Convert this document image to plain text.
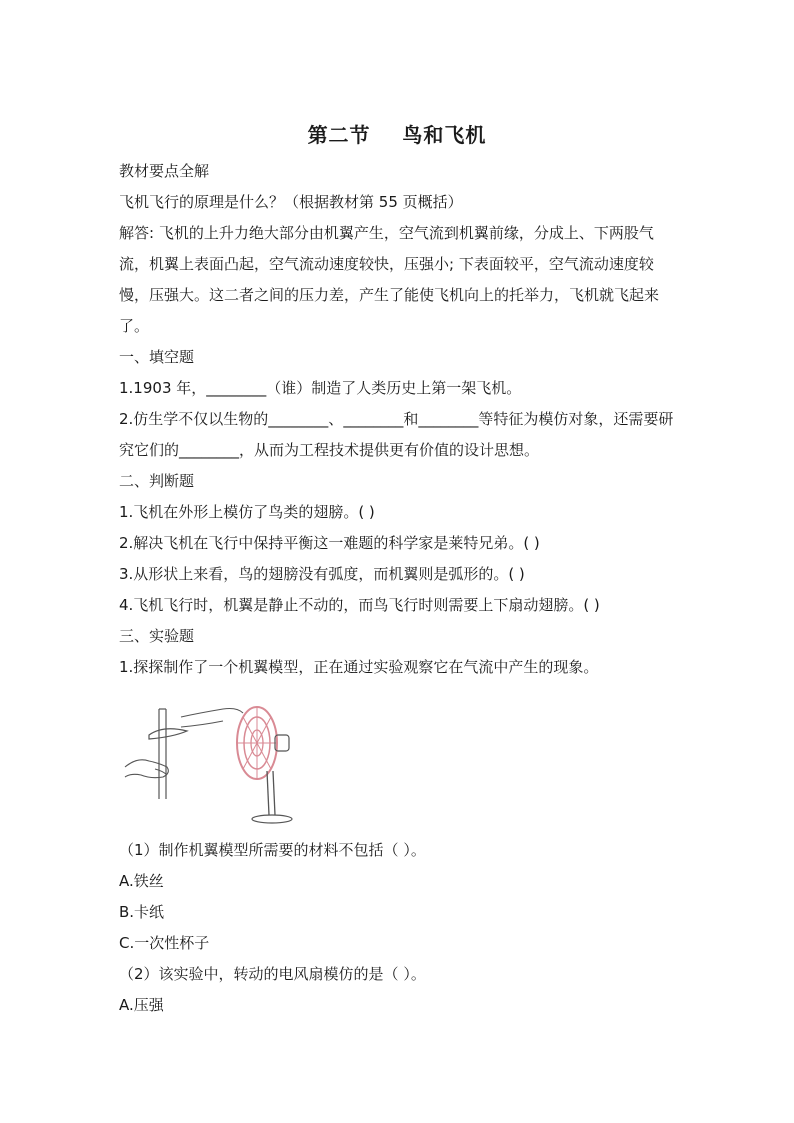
第二节    鸟和飞机
教材要点全解
飞机飞行的原理是什么？（根据教材第 55 页概括）
解答: 飞机的上升力绝大部分由机翼产生，空气流到机翼前缘，分成上、下两股气流，机翼上表面凸起，空气流动速度较快，压强小; 下表面较平，空气流动速度较慢，压强大。这二者之间的压力差，产生了能使飞机向上的托举力，飞机就飞起来了。
一、填空题
1.1903 年，________（谁）制造了人类历史上第一架飞机。
2.仿生学不仅以生物的________、________和________等特征为模仿对象，还需要研究它们的________，从而为工程技术提供更有价值的设计思想。
二、判断题
1.飞机在外形上模仿了鸟类的翅膀。( )
2.解决飞机在飞行中保持平衡这一难题的科学家是莱特兄弟。( )
3.从形状上来看，鸟的翅膀没有弧度，而机翼则是弧形的。( )
4.飞机飞行时，机翼是静止不动的，而鸟飞行时则需要上下扇动翅膀。( )
三、实验题
1.探探制作了一个机翼模型，正在通过实验观察它在气流中产生的现象。
（1）制作机翼模型所需要的材料不包括（ ）。
A.铁丝
B.卡纸
C.一次性杯子
（2）该实验中，转动的电风扇模仿的是（ ）。
A.压强
